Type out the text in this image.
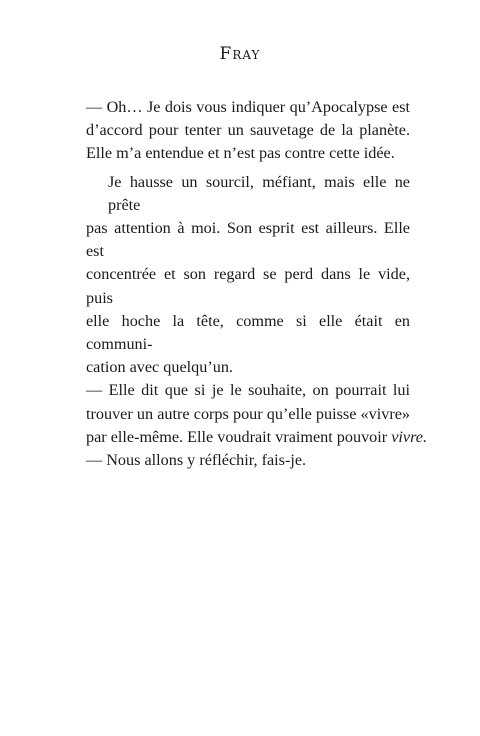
Fray
— Oh… Je dois vous indiquer qu’Apocalypse est
d’accord pour tenter un sauvetage de la planète.
Elle m’a entendue et n’est pas contre cette idée.
Je hausse un sourcil, méfiant, mais elle ne prête
pas attention à moi. Son esprit est ailleurs. Elle est
concentrée et son regard se perd dans le vide, puis
elle hoche la tête, comme si elle était en communi-
cation avec quelqu’un.
— Elle dit que si je le souhaite, on pourrait lui
trouver un autre corps pour qu’elle puisse «vivre»
par elle-même. Elle voudrait vraiment pouvoir vivre.
— Nous allons y réfléchir, fais-je.
